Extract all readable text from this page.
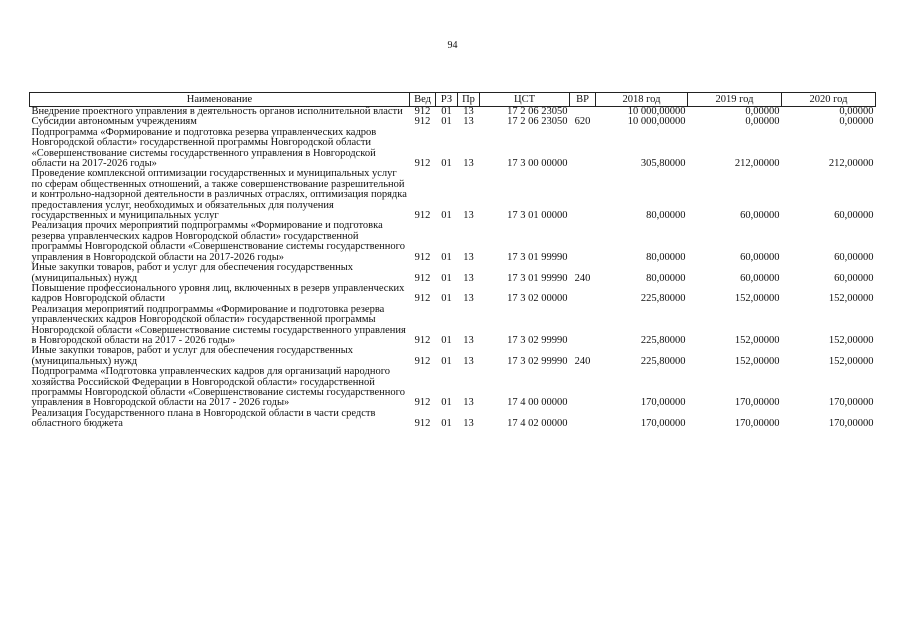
94
Наименование	Вед	РЗ	Пр	ЦСТ	ВР	2018 год	2019 год	2020 год
Внедрение проектного управления в деятельность органов исполнительной власти	912	01	13	17 2 06 23050		10 000,00000	0,00000	0,00000
Субсидии автономным учреждениям	912	01	13	17 2 06 23050	620	10 000,00000	0,00000	0,00000
Подпрограмма «Формирование и подготовка резерва управленческих кадров Новгородской области» государственной программы Новгородской области «Совершенствование системы государственного управления в Новгородской области на 2017-2026 годы»	912	01	13	17 3 00 00000		305,80000	212,00000	212,00000
Проведение комплексной оптимизации государственных и муниципальных услуг по сферам общественных отношений, а также совершенствование разрешительной и контрольно-надзорной деятельности в различных отраслях, оптимизация порядка предоставления услуг, необходимых и обязательных для получения государственных и муниципальных услуг	912	01	13	17 3 01 00000		80,00000	60,00000	60,00000
Реализация прочих мероприятий подпрограммы «Формирование и подготовка резерва управленческих кадров Новгородской области» государственной программы Новгородской области «Совершенствование системы государственного управления в Новгородской области на 2017-2026 годы»	912	01	13	17 3 01 99990		80,00000	60,00000	60,00000
Иные закупки товаров, работ и услуг для обеспечения государственных (муниципальных) нужд	912	01	13	17 3 01 99990	240	80,00000	60,00000	60,00000
Повышение профессионального уровня лиц, включенных в резерв управленческих кадров Новгородской области	912	01	13	17 3 02 00000		225,80000	152,00000	152,00000
Реализация мероприятий подпрограммы «Формирование и подготовка резерва управленческих кадров Новгородской области» государственной программы Новгородской области «Совершенствование системы государственного управления в Новгородской области на 2017 - 2026 годы»	912	01	13	17 3 02 99990		225,80000	152,00000	152,00000
Иные закупки товаров, работ и услуг для обеспечения государственных (муниципальных) нужд	912	01	13	17 3 02 99990	240	225,80000	152,00000	152,00000
Подпрограмма «Подготовка управленческих кадров для организаций народного хозяйства Российской Федерации в Новгородской области» государственной программы Новгородской области «Совершенствование системы государственного управления в Новгородской области на 2017 - 2026 годы»	912	01	13	17 4 00 00000		170,00000	170,00000	170,00000
Реализация Государственного плана в Новгородской области в части средств областного бюджета	912	01	13	17 4 02 00000		170,00000	170,00000	170,00000
